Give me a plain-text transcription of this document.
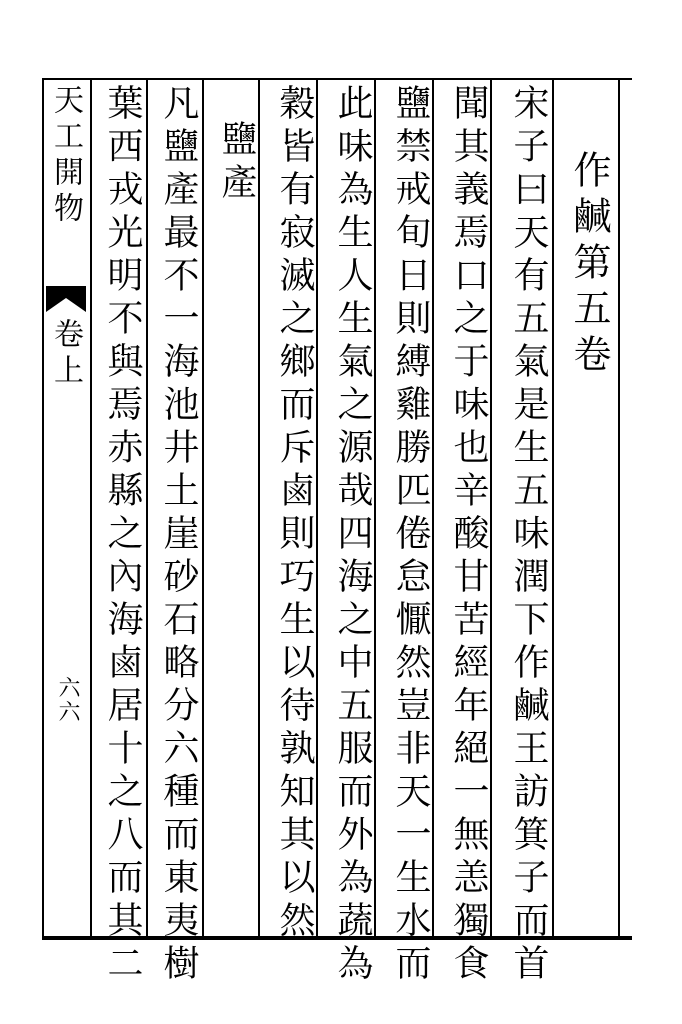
作鹹第五卷
宋子曰天有五氣是生五味潤下作鹹王訪箕子而首
聞其義焉口之于味也辛酸甘苦經年絕一無恙獨食
鹽禁戒旬日則縛雞勝匹倦怠懨然豈非天一生水而
此味為生人生氣之源哉四海之中五服而外為蔬為
穀皆有寂滅之鄉而斥鹵則巧生以待孰知其以然
鹽產
凡鹽產最不一海池井土崖砂石略分六種而東夷樹
葉西戎光明不與焉赤縣之內海鹵居十之八而其二
天工開物
卷上
六六
